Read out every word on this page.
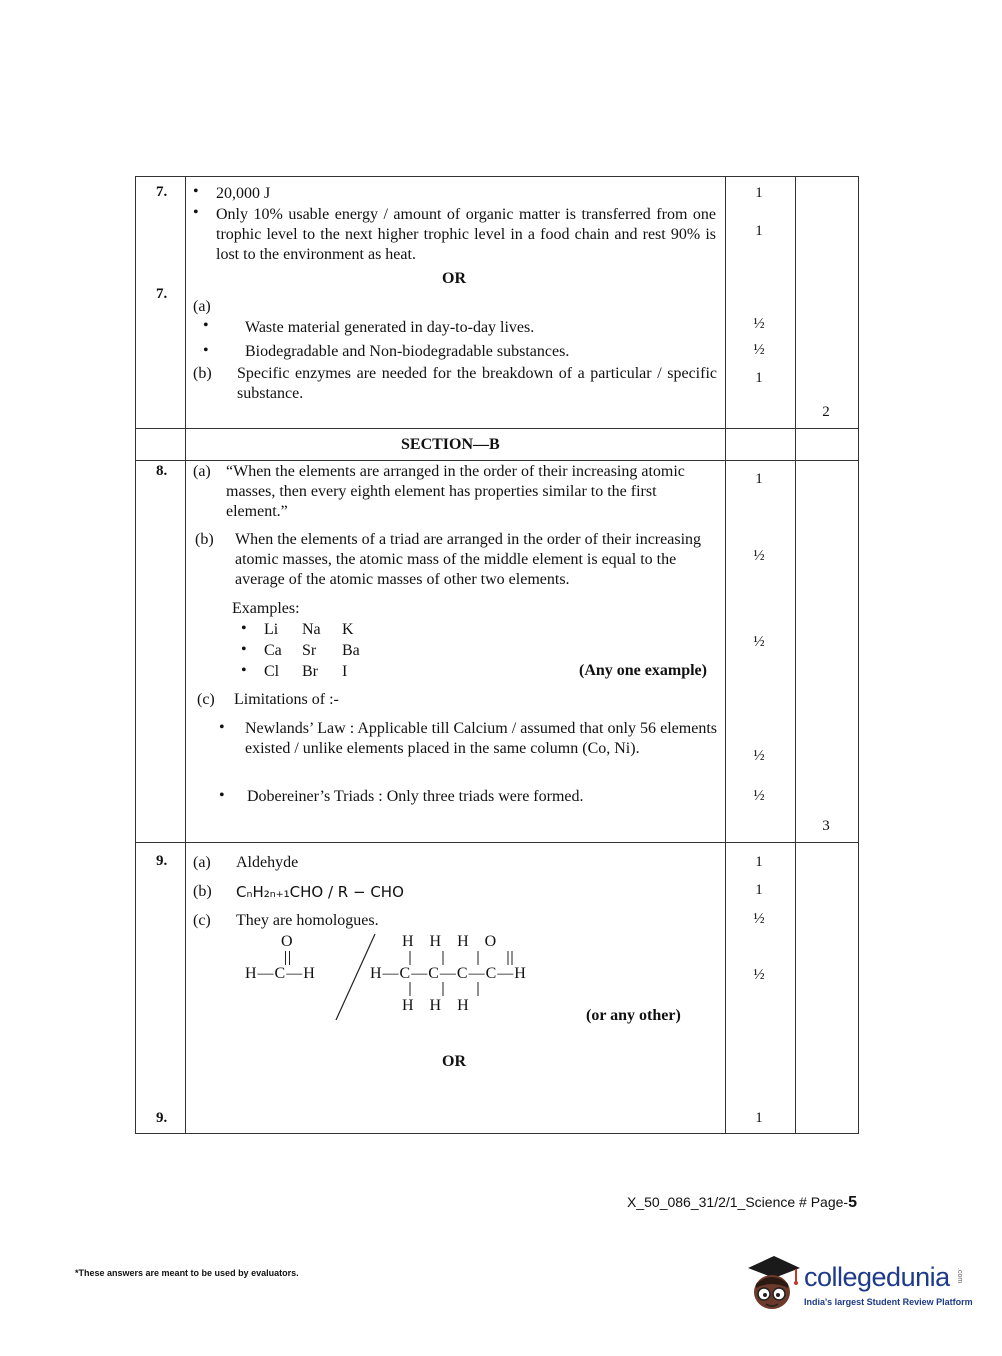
7. • 20,000 J
• Only 10% usable energy / amount of organic matter is transferred from one trophic level to the next higher trophic level in a food chain and rest 90% is lost to the environment as heat.
OR
7.
(a)
• Waste material generated in day-to-day lives.
• Biodegradable and Non-biodegradable substances.
(b) Specific enzymes are needed for the breakdown of a particular / specific substance.
1
1
½
½
1
2
SECTION—B
8. (a) “When the elements are arranged in the order of their increasing atomic masses, then every eighth element has properties similar to the first element.”
(b) When the elements of a triad are arranged in the order of their increasing atomic masses, the atomic mass of the middle element is equal to the average of the atomic masses of other two elements.
Examples:
• Li Na K
• Ca Sr Ba
• Cl Br I	(Any one example)
(c) Limitations of :-
• Newlands’ Law : Applicable till Calcium / assumed that only 56 elements existed / unlike elements placed in the same column (Co, Ni).
• Dobereiner’s Triads : Only three triads were formed.
1
½
½
½
½
3
9. (a) Aldehyde
(b) CₙH₂ₙ₊₁CHO / R − CHO
(c) They are homologues.
O
H—C—H
H   H   H   O
H—C—C—C—C—H
H   H   H
(or any other)
OR
9.
1
1
½
½
1
X_50_086_31/2/1_Science # Page-5
*These answers are meant to be used by evaluators.	collegedunia .com
India's largest Student Review Platform
